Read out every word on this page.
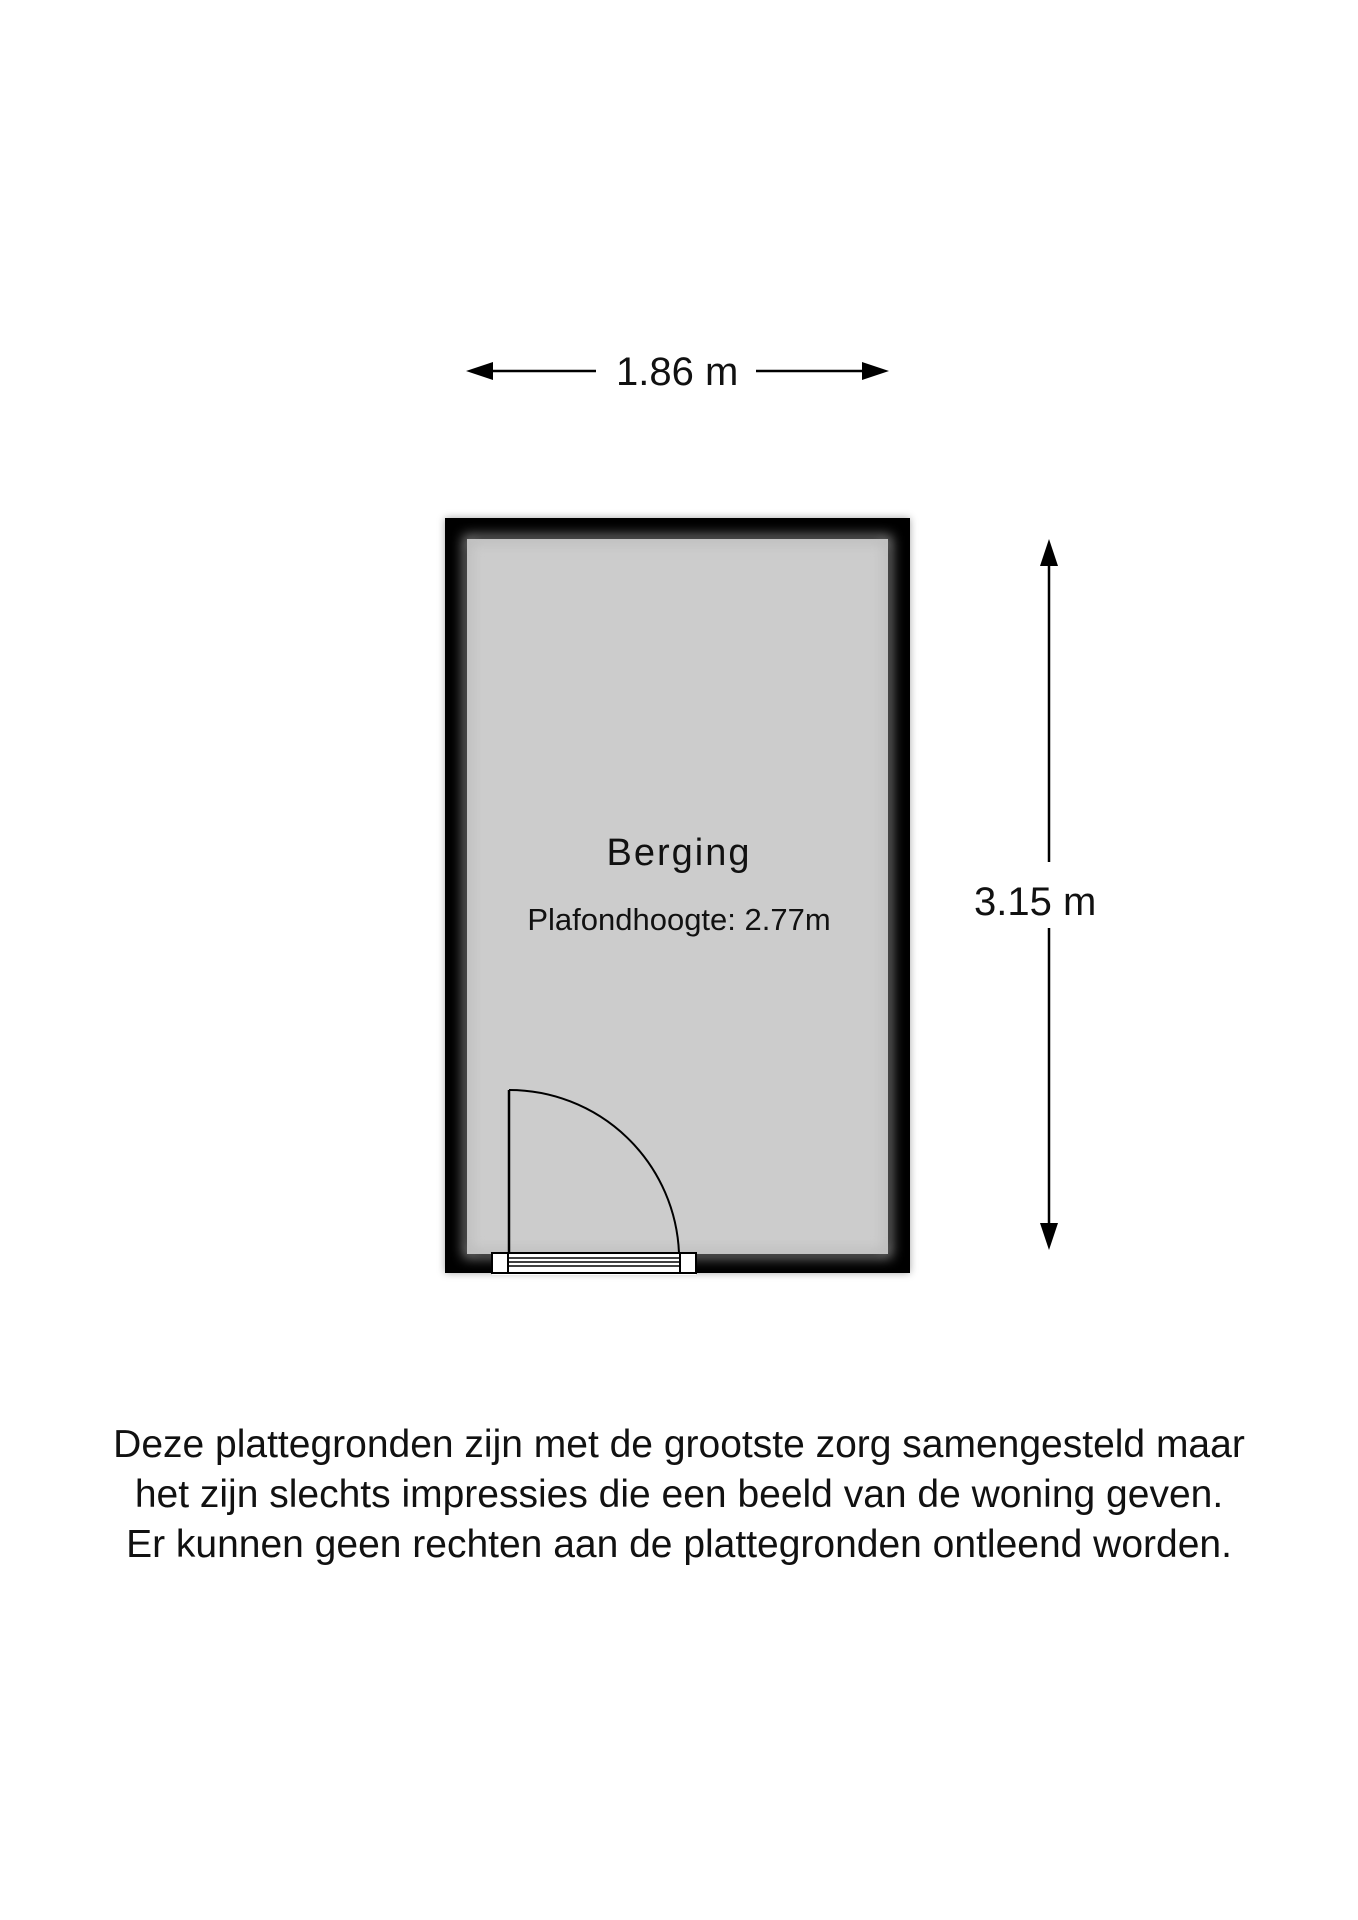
1.86 m
3.15 m
Berging
Plafondhoogte: 2.77m
Deze plattegronden zijn met de grootste zorg samengesteld maar
het zijn slechts impressies die een beeld van de woning geven.
Er kunnen geen rechten aan de plattegronden ontleend worden.
